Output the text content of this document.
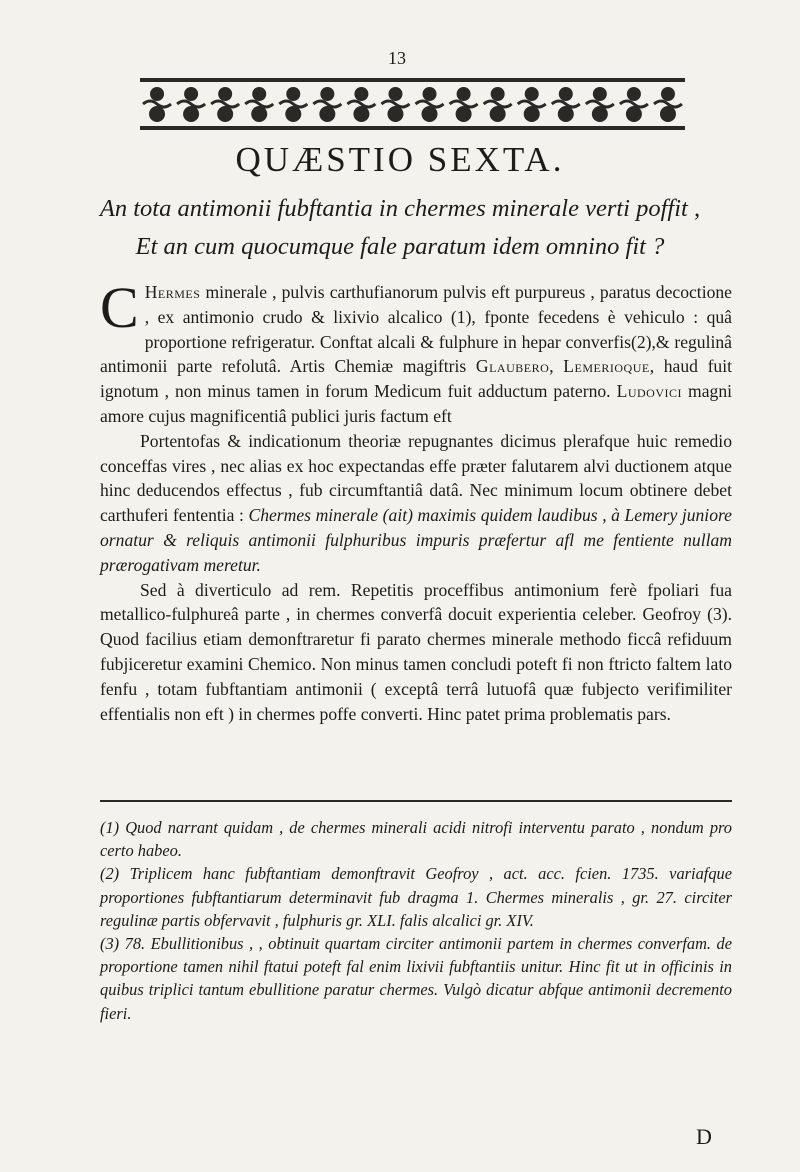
13
QUÆSTIO SEXTA.
An tota antimonii fubftantia in chermes minerale verti poffit ,
Et an cum quocumque fale paratum idem omnino fit ?

C Hermes minerale , pulvis carthufianorum pulvis eft purpureus , paratus decoctione , ex antimonio crudo & lixivio alcalico (1), fponte fecedens è vehiculo : quâ proportione refrigeratur. Conftat alcali & fulphure in hepar converfis(2),& regulinâ antimonii parte refolutâ. Artis Chemiæ magiftris Glaubero, Lemerioque, haud fuit ignotum , non minus tamen in forum Medicum fuit adductum paterno. Ludovici magni amore cujus magnificentiâ publici juris factum eft

Portentofas & indicationum theoriæ repugnantes dicimus plerafque huic remedio conceffas vires , nec alias ex hoc expectandas effe præter falutarem alvi ductionem atque hinc deducendos effectus , fub circumftantiâ datâ. Nec minimum locum obtinere debet carthuferi fententia : Chermes minerale (ait) maximis quidem laudibus , à Lemery juniore ornatur & reliquis antimonii fulphuribus impuris præfertur afl me fentiente nullam prærogativam meretur.

Sed à diverticulo ad rem. Repetitis proceffibus antimonium ferè fpoliari fua metallico-fulphureâ parte , in chermes converfâ docuit experientia celeber. Geofroy (3). Quod facilius etiam demonftraretur fi parato chermes minerale methodo ficcâ refiduum fubjiceretur examini Chemico. Non minus tamen concludi poteft fi non ftricto faltem lato fenfu , totam fubftantiam antimonii ( exceptâ terrâ lutuofâ quæ fubjecto verifimiliter effentialis non eft ) in chermes poffe converti. Hinc patet prima problematis pars.

(1) Quod narrant quidam , de chermes minerali acidi nitrofi interventu parato , nondum pro certo habeo.

(2) Triplicem hanc fubftantiam demonftravit Geofroy , act. acc. fcien. 1735. variafque proportiones fubftantiarum determinavit fub dragma 1. Chermes mineralis , gr. 27. circiter regulinæ partis obfervavit , fulphuris gr. XLI. falis alcalici gr. XIV.

(3) 78. Ebullitionibus , , obtinuit quartam circiter antimonii partem in chermes converfam. de proportione tamen nihil ftatui poteft fal enim lixivii fubftantiis unitur. Hinc fit ut in officinis in quibus triplici tantum ebullitione paratur chermes. Vulgò dicatur abfque antimonii decremento fieri.

D
